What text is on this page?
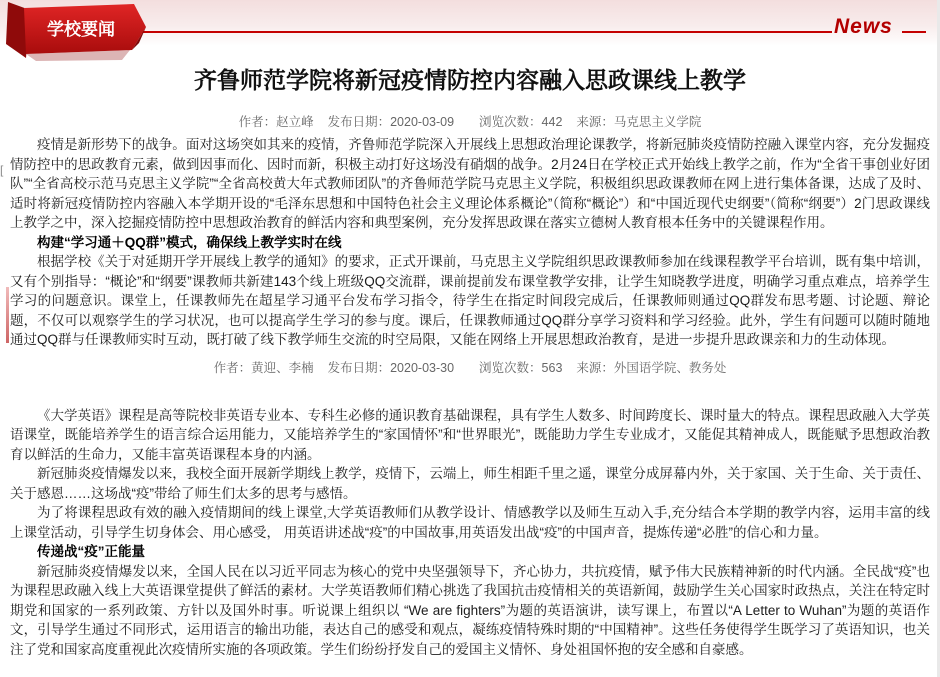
学校要闻	News
齐鲁师范学院将新冠疫情防控内容融入思政课线上教学
作者：赵立峰 发布日期：2020-03-09 浏览次数：442 来源：马克思主义学院

疫情是新形势下的战争。面对这场突如其来的疫情，齐鲁师范学院深入开展线上思想政治理论课教学，将新冠肺炎疫情防控融入课堂内容，充分发掘疫情防控中的思政教育元素，做到因事而化、因时而新，积极主动打好这场没有硝烟的战争。2月24日在学校正式开始线上教学之前，作为“全省干事创业好团队”“全省高校示范马克思主义学院”“全省高校黄大年式教师团队”的齐鲁师范学院马克思主义学院，积极组织思政课教师在网上进行集体备课，达成了及时、适时将新冠疫情防控内容融入本学期开设的“毛泽东思想和中国特色社会主义理论体系概论”（简称“概论”）和“中国近现代史纲要”（简称“纲要”）2门思政课线上教学之中，深入挖掘疫情防控中思想政治教育的鲜活内容和典型案例，充分发挥思政课在落实立德树人教育根本任务中的关键课程作用。

构建“学习通＋QQ群”模式，确保线上教学实时在线

根据学校《关于对延期开学开展线上教学的通知》的要求，正式开课前，马克思主义学院组织思政课教师参加在线课程教学平台培训，既有集中培训，又有个别指导：“概论”和“纲要”课教师共新建143个线上班级QQ交流群，课前提前发布课堂教学安排，让学生知晓教学进度，明确学习重点难点，培养学生学习的问题意识。课堂上，任课教师先在超星学习通平台发布学习指令，待学生在指定时间段完成后，任课教师则通过QQ群发布思考题、讨论题、辩论题，不仅可以观察学生的学习状况，也可以提高学生学习的参与度。课后，任课教师通过QQ群分享学习资料和学习经验。此外，学生有问题可以随时随地通过QQ群与任课教师实时互动，既打破了线下教学师生交流的时空局限，又能在网络上开展思想政治教育，是进一步提升思政课亲和力的生动体现。

作者：黄迎、李楠 发布日期：2020-03-30 浏览次数：563 来源：外国语学院、教务处

《大学英语》课程是高等院校非英语专业本、专科生必修的通识教育基础课程，具有学生人数多、时间跨度长、课时量大的特点。课程思政融入大学英语课堂，既能培养学生的语言综合运用能力，又能培养学生的“家国情怀”和“世界眼光”，既能助力学生专业成才，又能促其精神成人，既能赋予思想政治教育以鲜活的生命力，又能丰富英语课程本身的内涵。

新冠肺炎疫情爆发以来，我校全面开展新学期线上教学，疫情下，云端上，师生相距千里之遥，课堂分成屏幕内外，关于家国、关于生命、关于责任、关于感恩……这场战“疫”带给了师生们太多的思考与感悟。

为了将课程思政有效的融入疫情期间的线上课堂,大学英语教师们从教学设计、情感教学以及师生互动入手,充分结合本学期的教学内容，运用丰富的线上课堂活动，引导学生切身体会、用心感受， 用英语讲述战“疫”的中国故事,用英语发出战“疫”的中国声音，提炼传递“必胜”的信心和力量。

传递战“疫”正能量

新冠肺炎疫情爆发以来，全国人民在以习近平同志为核心的党中央坚强领导下，齐心协力，共抗疫情，赋予伟大民族精神新的时代内涵。全民战“疫”也为课程思政融入线上大英语课堂提供了鲜活的素材。大学英语教师们精心挑选了我国抗击疫情相关的英语新闻，鼓励学生关心国家时政热点，关注在特定时期党和国家的一系列政策、方针以及国外时事。听说课上组织以 “We are fighters”为题的英语演讲，读写课上，布置以“A Letter to Wuhan”为题的英语作文，引导学生通过不同形式，运用语言的输出功能，表达自己的感受和观点，凝练疫情特殊时期的“中国精神”。这些任务使得学生既学习了英语知识，也关注了党和国家高度重视此次疫情所实施的各项政策。学生们纷纷抒发自己的爱国主义情怀、身处祖国怀抱的安全感和自豪感。

[
